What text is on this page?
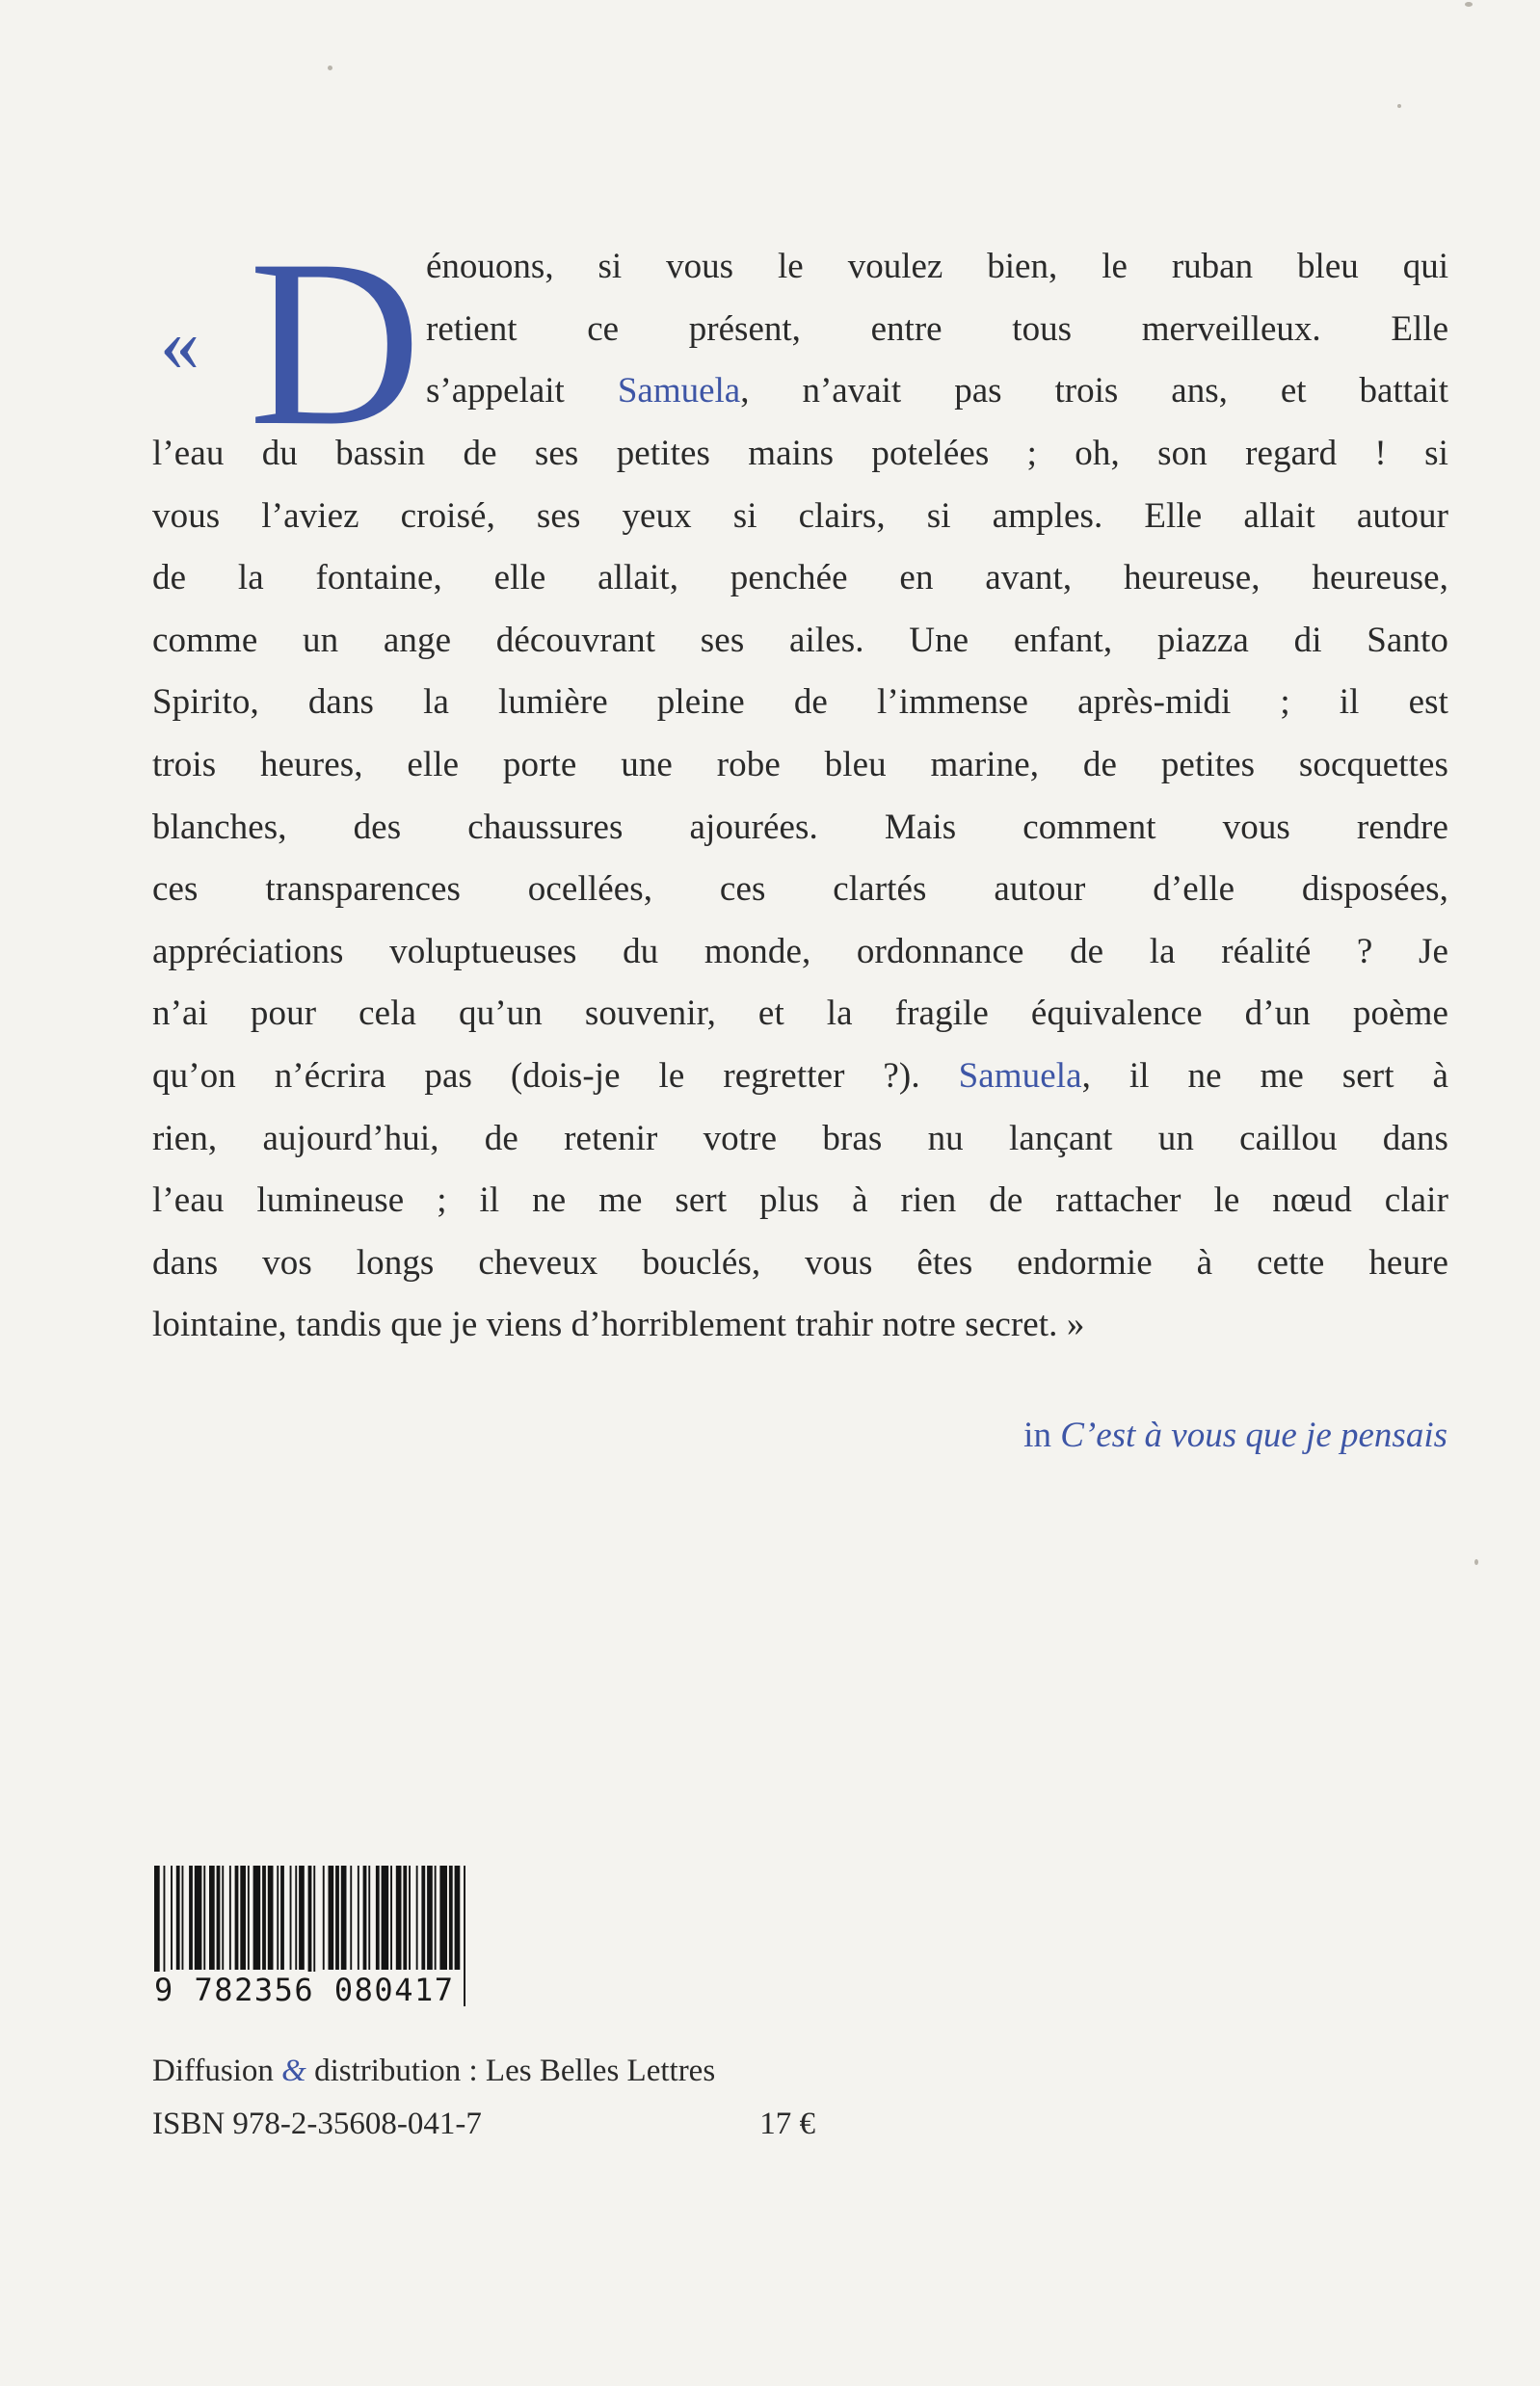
« D énouons, si vous le voulez bien, le ruban bleu qui
retient ce présent, entre tous merveilleux. Elle
s’appelait Samuela, n’avait pas trois ans, et battait
l’eau du bassin de ses petites mains potelées ; oh, son regard ! si
vous l’aviez croisé, ses yeux si clairs, si amples. Elle allait autour
de la fontaine, elle allait, penchée en avant, heureuse, heureuse,
comme un ange découvrant ses ailes. Une enfant, piazza di Santo
Spirito, dans la lumière pleine de l’immense après-midi ; il est
trois heures, elle porte une robe bleu marine, de petites socquettes
blanches, des chaussures ajourées. Mais comment vous rendre
ces transparences ocellées, ces clartés autour d’elle disposées,
appréciations voluptueuses du monde, ordonnance de la réalité ? Je
n’ai pour cela qu’un souvenir, et la fragile équivalence d’un poème
qu’on n’écrira pas (dois-je le regretter ?). Samuela, il ne me sert à
rien, aujourd’hui, de retenir votre bras nu lançant un caillou dans
l’eau lumineuse ; il ne me sert plus à rien de rattacher le nœud clair
dans vos longs cheveux bouclés, vous êtes endormie à cette heure
lointaine, tandis que je viens d’horriblement trahir notre secret. »
in C’est à vous que je pensais
9 782356 080417
Diffusion & distribution : Les Belles Lettres
ISBN 978-2-35608-041-7	17 €
